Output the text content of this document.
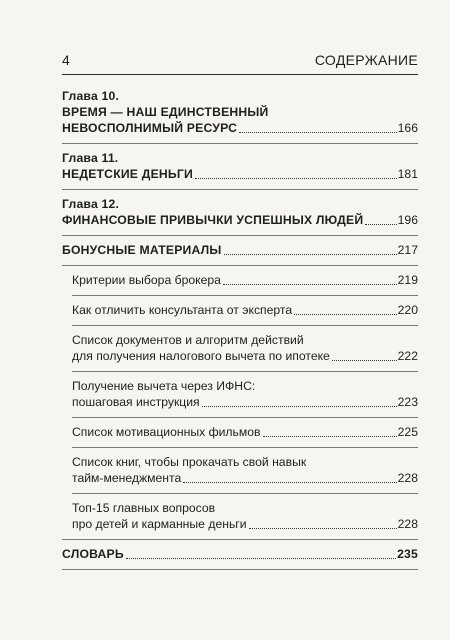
4	СОДЕРЖАНИЕ
Глава 10.
ВРЕМЯ — НАШ ЕДИНСТВЕННЫЙ
НЕВОСПОЛНИМЫЙ РЕСУРС	166
Глава 11.
НЕДЕТСКИЕ ДЕНЬГИ	181
Глава 12.
ФИНАНСОВЫЕ ПРИВЫЧКИ УСПЕШНЫХ ЛЮДЕЙ	196
БОНУСНЫЕ МАТЕРИАЛЫ	217
Критерии выбора брокера	219
Как отличить консультанта от эксперта	220
Список документов и алгоритм действий
для получения налогового вычета по ипотеке	222
Получение вычета через ИФНС:
пошаговая инструкция	223
Список мотивационных фильмов	225
Список книг, чтобы прокачать свой навык
тайм-менеджмента	228
Топ-15 главных вопросов
про детей и карманные деньги	228
СЛОВАРЬ	235
